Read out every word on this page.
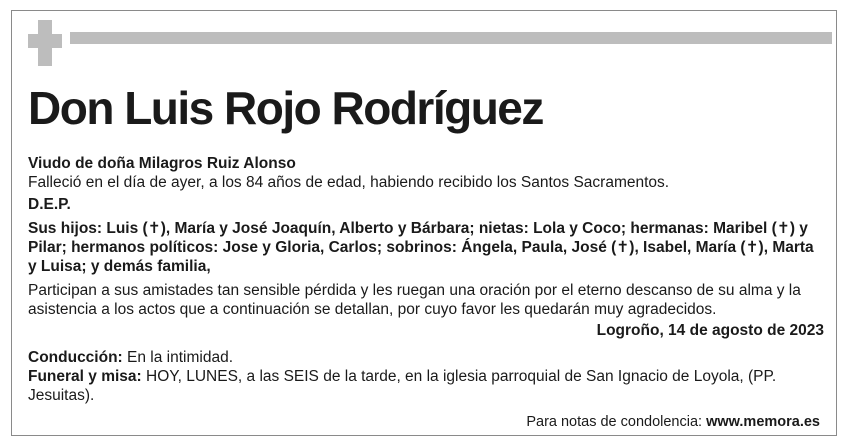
Don Luis Rojo Rodríguez

Viudo de doña Milagros Ruiz Alonso

Falleció en el día de ayer, a los 84 años de edad, habiendo recibido los Santos Sacramentos.

D.E.P.

Sus hijos: Luis (✝), María y José Joaquín, Alberto y Bárbara; nietas: Lola y Coco; hermanas: Maribel (✝) y Pilar; hermanos políticos: Jose y Gloria, Carlos; sobrinos: Ángela, Paula, José (✝), Isabel, María (✝), Marta y Luisa; y demás familia,

Participan a sus amistades tan sensible pérdida y les ruegan una oración por el eterno descanso de su alma y la asistencia a los actos que a continuación se detallan, por cuyo favor les quedarán muy agradecidos.

Logroño, 14 de agosto de 2023

Conducción: En la intimidad.

Funeral y misa: HOY, LUNES, a las SEIS de la tarde, en la iglesia parroquial de San Ignacio de Loyola, (PP. Jesuitas).

Para notas de condolencia: www.memora.es
